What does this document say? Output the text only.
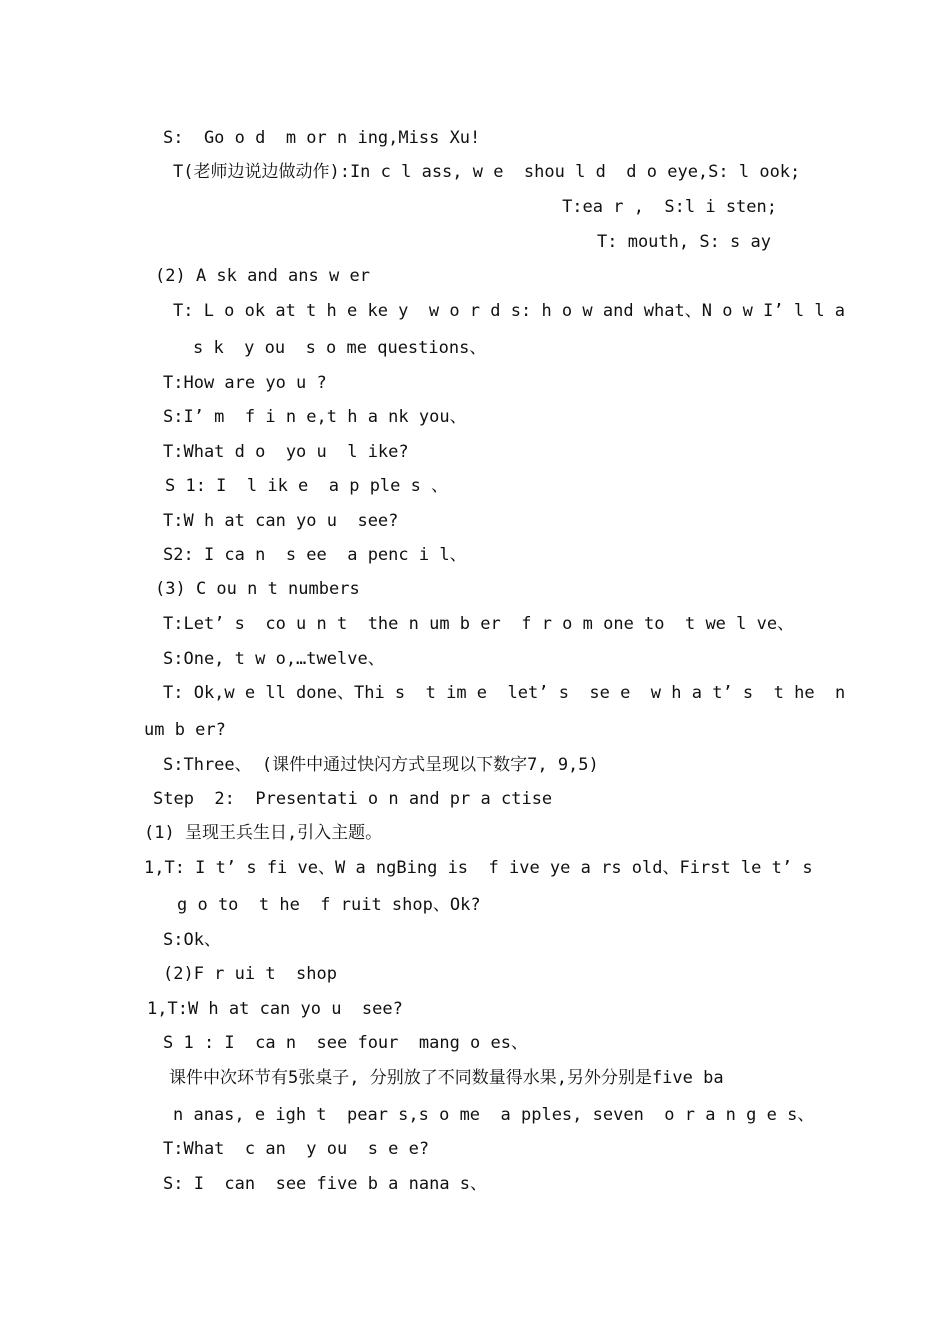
S:  Go o d  m or n ing,Miss Xu!
T(老师边说边做动作):In c l ass, w e  shou l d  d o eye,S: l ook;
T:ea r ,  S:l i sten;
T: mouth, S: s ay
(2) A sk and ans w er
T: L o ok at t h e ke y  w o r d s: h o w and what、N o w I’ l l a
s k  y ou  s o me questions、
T:How are yo u ?
S:I’ m  f i n e,t h a nk you、
T:What d o  yo u  l ike?
S 1: I  l ik e  a p ple s 、
T:W h at can yo u  see?
S2: I ca n  s ee  a penc i l、
(3) C ou n t numbers
T:Let’ s  co u n t  the n um b er  f r o m one to  t we l ve、
S:One, t w o,…twelve、
T: Ok,w e ll done、Thi s  t im e  let’ s  se e  w h a t’ s  t he  n
um b er?
S:Three、 (课件中通过快闪方式呈现以下数字7, 9,5)
Step  2:  Presentati o n and pr a ctise
(1) 呈现王兵生日,引入主题。
1,T: I t’ s fi ve、W a ngBing is  f ive ye a rs old、First le t’ s
g o to  t he  f ruit shop、Ok?
S:Ok、
(2)F r ui t  shop
1,T:W h at can yo u  see?
S 1 : I  ca n  see four  mang o es、
课件中次环节有5张桌子, 分别放了不同数量得水果,另外分别是five ba
n anas, e igh t  pear s,s o me  a pples, seven  o r a n g e s、
T:What  c an  y ou  s e e?
S: I  can  see five b a nana s、
